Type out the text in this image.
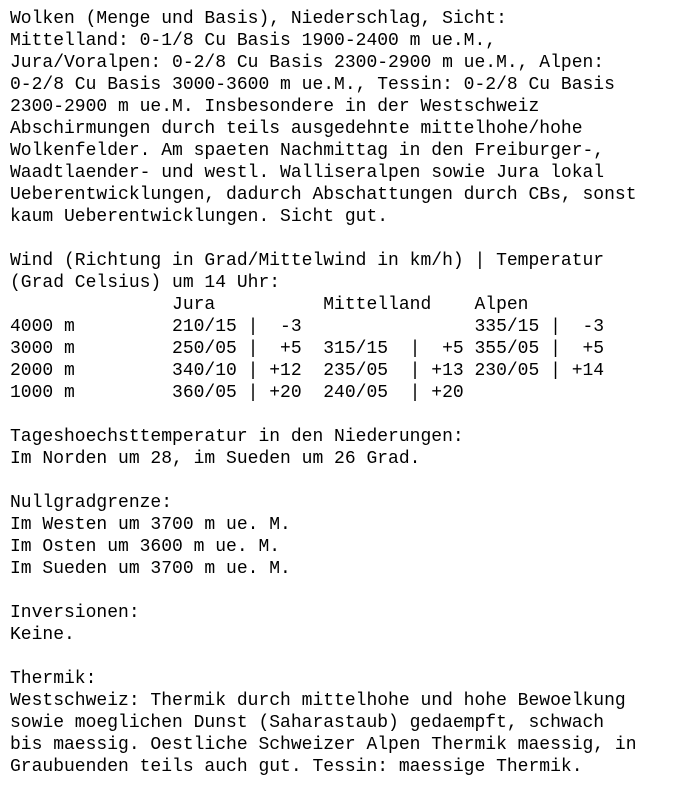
Wolken (Menge und Basis), Niederschlag, Sicht:
Mittelland: 0-1/8 Cu Basis 1900-2400 m ue.M.,
Jura/Voralpen: 0-2/8 Cu Basis 2300-2900 m ue.M., Alpen:
0-2/8 Cu Basis 3000-3600 m ue.M., Tessin: 0-2/8 Cu Basis
2300-2900 m ue.M. Insbesondere in der Westschweiz
Abschirmungen durch teils ausgedehnte mittelhohe/hohe
Wolkenfelder. Am spaeten Nachmittag in den Freiburger-,
Waadtlaender- und westl. Walliseralpen sowie Jura lokal
Ueberentwicklungen, dadurch Abschattungen durch CBs, sonst
kaum Ueberentwicklungen. Sicht gut.
Wind (Richtung in Grad/Mittelwind in km/h) | Temperatur
(Grad Celsius) um 14 Uhr:
Jura          Mittelland    Alpen
4000 m         210/15 |  -3                335/15 |  -3
3000 m         250/05 |  +5  315/15  |  +5 355/05 |  +5
2000 m         340/10 | +12  235/05  | +13 230/05 | +14
1000 m         360/05 | +20  240/05  | +20
Tageshoechsttemperatur in den Niederungen:
Im Norden um 28, im Sueden um 26 Grad.
Nullgradgrenze:
Im Westen um 3700 m ue. M.
Im Osten um 3600 m ue. M.
Im Sueden um 3700 m ue. M.
Inversionen:
Keine.
Thermik:
Westschweiz: Thermik durch mittelhohe und hohe Bewoelkung
sowie moeglichen Dunst (Saharastaub) gedaempft, schwach
bis maessig. Oestliche Schweizer Alpen Thermik maessig, in
Graubuenden teils auch gut. Tessin: maessige Thermik.
